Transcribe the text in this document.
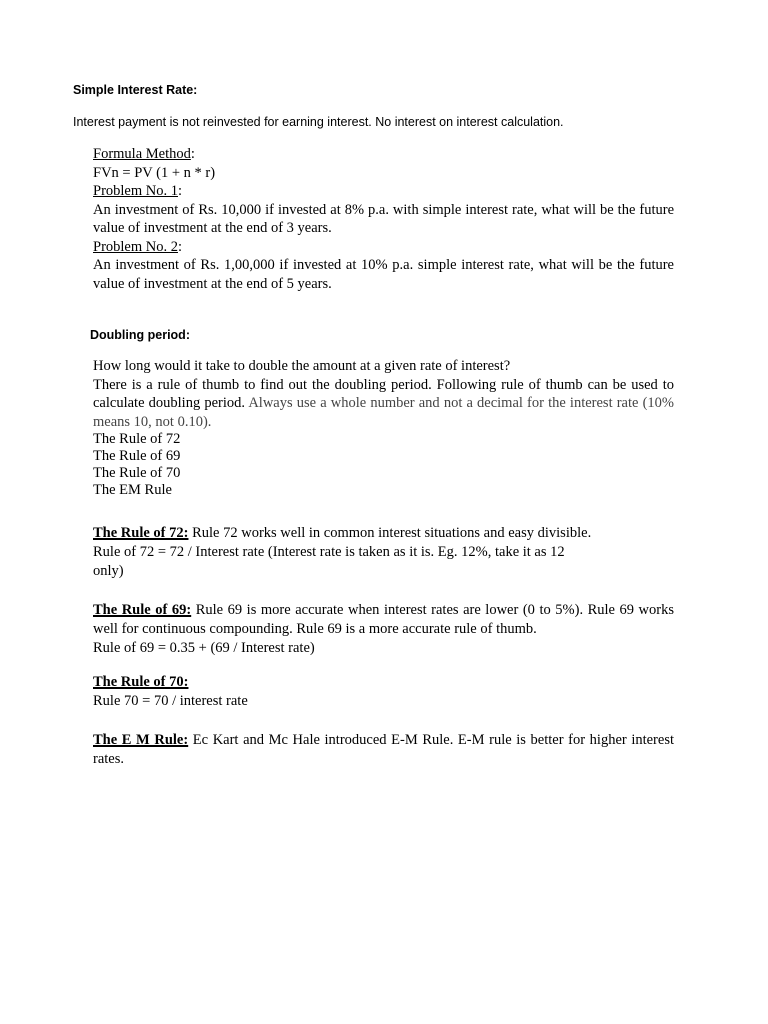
Simple Interest Rate:
Interest payment is not reinvested for earning interest. No interest on interest calculation.

Formula Method:

FVn = PV (1 + n * r)

Problem No. 1:

An investment of Rs. 10,000 if invested at 8% p.a. with simple interest rate, what will be the future value of investment at the end of 3 years.

Problem No. 2:

An investment of Rs. 1,00,000 if invested at 10% p.a. simple interest rate, what will be the future value of investment at the end of 5 years.

Doubling period:

How long would it take to double the amount at a given rate of interest?

There is a rule of thumb to find out the doubling period. Following rule of thumb can be used to calculate doubling period. Always use a whole number and not a decimal for the interest rate (10% means 10, not 0.10).

The Rule of 72

The Rule of 69

The Rule of 70

The EM Rule

The Rule of 72: Rule 72 works well in common interest situations and easy divisible.

Rule of 72 = 72 / Interest rate (Interest rate is taken as it is. Eg. 12%, take it as 12

only)

The Rule of 69: Rule 69 is more accurate when interest rates are lower (0 to 5%). Rule 69 works well for continuous compounding. Rule 69 is a more accurate rule of thumb.

Rule of 69 = 0.35 + (69 / Interest rate)

The Rule of 70:

Rule 70 = 70 / interest rate

The E M Rule: Ec Kart and Mc Hale introduced E-M Rule. E-M rule is better for higher interest rates.
